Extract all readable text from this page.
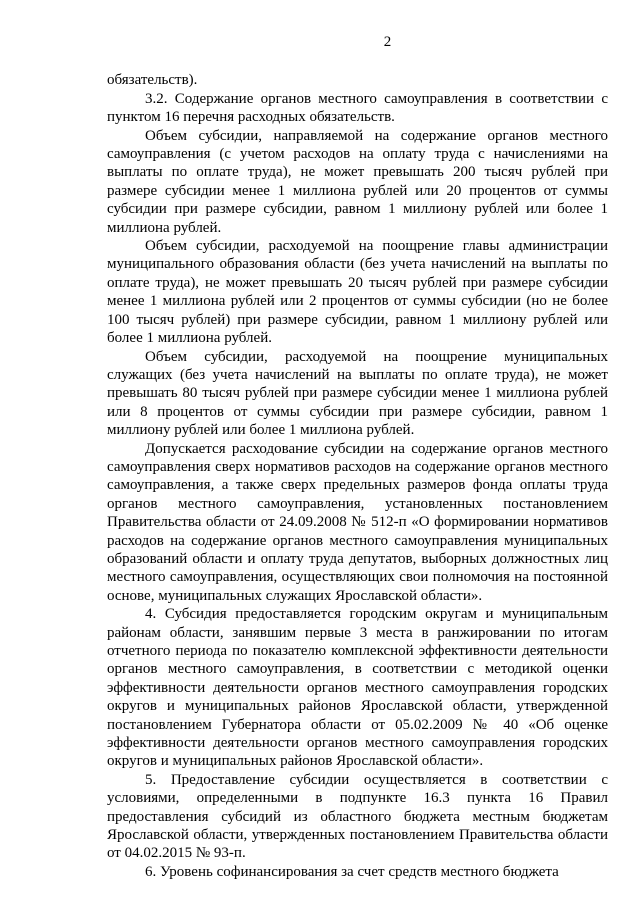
2

обязательств).

3.2. Содержание органов местного самоуправления в соответствии с пунктом 16 перечня расходных обязательств.

Объем субсидии, направляемой на содержание органов местного самоуправления (с учетом расходов на оплату труда с начислениями на выплаты по оплате труда), не может превышать 200 тысяч рублей при размере субсидии менее 1 миллиона рублей или 20 процентов от суммы субсидии при размере субсидии, равном 1 миллиону рублей или более 1 миллиона рублей.

Объем субсидии, расходуемой на поощрение главы администрации муниципального образования области (без учета начислений на выплаты по оплате труда), не может превышать 20 тысяч рублей при размере субсидии менее 1 миллиона рублей или 2 процентов от суммы субсидии (но не более 100 тысяч рублей) при размере субсидии, равном 1 миллиону рублей или более 1 миллиона рублей.

Объем субсидии, расходуемой на поощрение муниципальных служащих (без учета начислений на выплаты по оплате труда), не может превышать 80 тысяч рублей при размере субсидии менее 1 миллиона рублей или 8 процентов от суммы субсидии при размере субсидии, равном 1 миллиону рублей или более 1 миллиона рублей.

Допускается расходование субсидии на содержание органов местного самоуправления сверх нормативов расходов на содержание органов местного самоуправления, а также сверх предельных размеров фонда оплаты труда органов местного самоуправления, установленных постановлением Правительства области от 24.09.2008 № 512-п «О формировании нормативов расходов на содержание органов местного самоуправления муниципальных образований области и оплату труда депутатов, выборных должностных лиц местного самоуправления, осуществляющих свои полномочия на постоянной основе, муниципальных служащих Ярославской области».

4. Субсидия предоставляется городским округам и муниципальным районам области, занявшим первые 3 места в ранжировании по итогам отчетного периода по показателю комплексной эффективности деятельности органов местного самоуправления, в соответствии с методикой оценки эффективности деятельности органов местного самоуправления городских округов и муниципальных районов Ярославской области, утвержденной постановлением Губернатора области от 05.02.2009 № 40 «Об оценке эффективности деятельности органов местного самоуправления городских округов и муниципальных районов Ярославской области».

5. Предоставление субсидии осуществляется в соответствии с условиями, определенными в подпункте 16.3 пункта 16 Правил предоставления субсидий из областного бюджета местным бюджетам Ярославской области, утвержденных постановлением Правительства области от 04.02.2015 № 93-п.

6. Уровень софинансирования за счет средств местного бюджета
